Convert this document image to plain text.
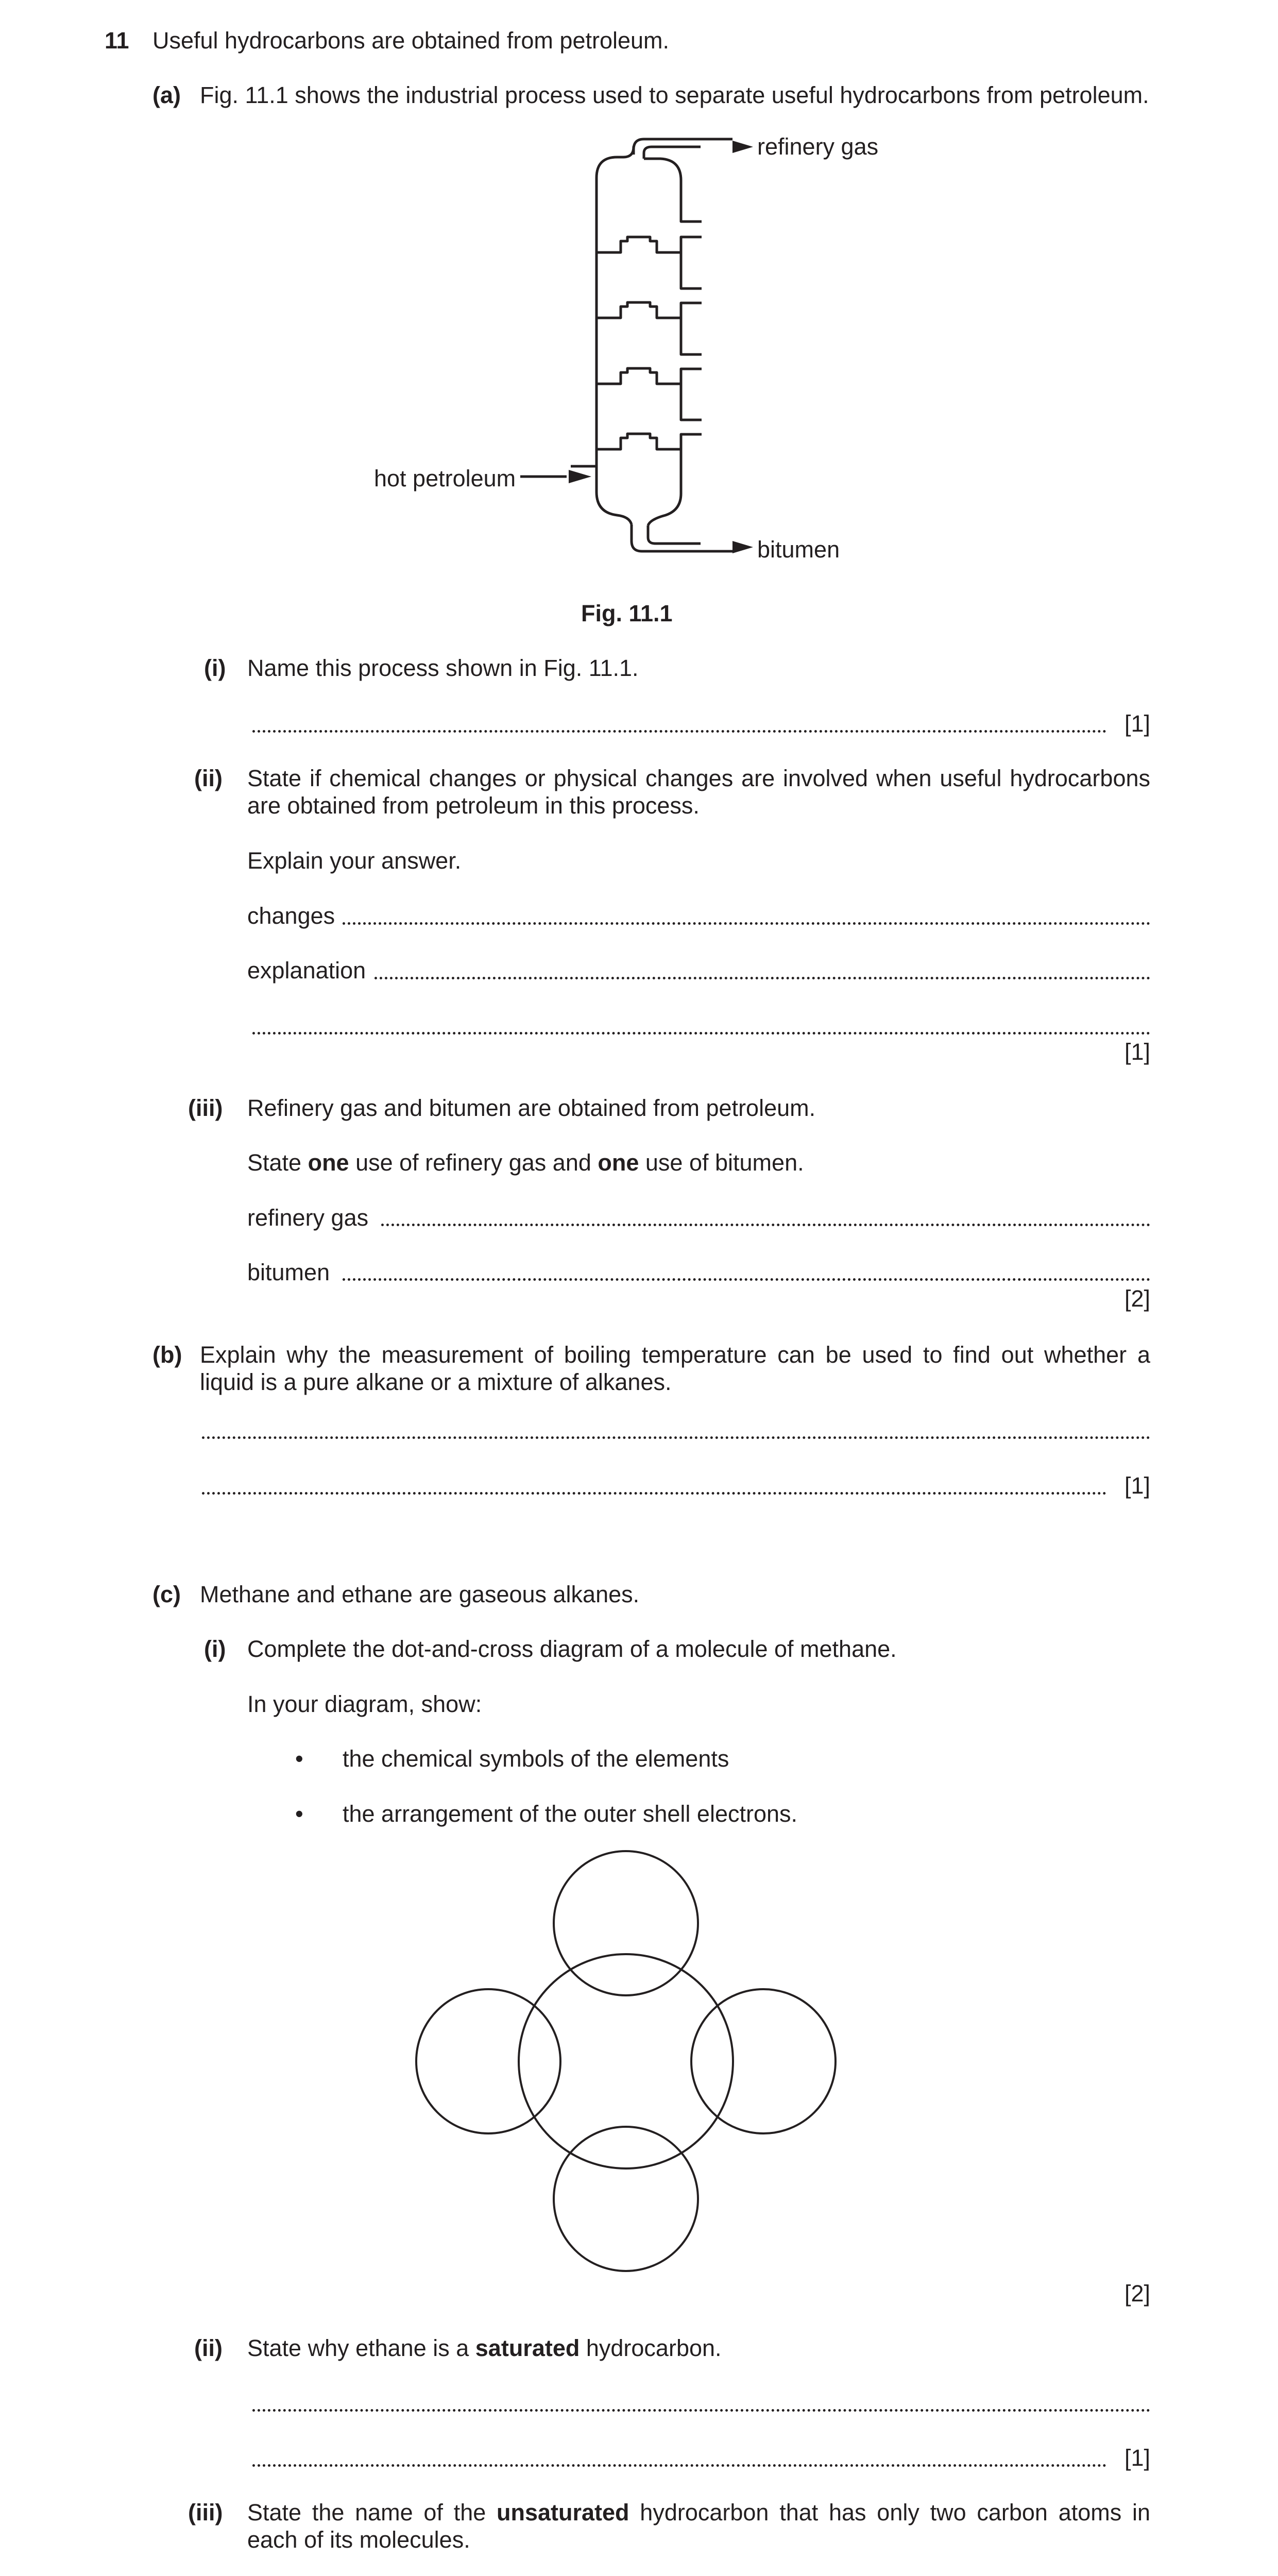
11 Useful hydrocarbons are obtained from petroleum.
(a) Fig. 11.1 shows the industrial process used to separate useful hydrocarbons from petroleum.
refinery gas
hot petroleum
bitumen
Fig. 11.1
(i) Name this process shown in Fig. 11.1.
[1]
(ii) State if chemical changes or physical changes are involved when useful hydrocarbons are obtained from petroleum in this process.
Explain your answer.
changes
explanation
[1]
(iii) Refinery gas and bitumen are obtained from petroleum.
State one use of refinery gas and one use of bitumen.
refinery gas
bitumen
[2]
(b) Explain why the measurement of boiling temperature can be used to find out whether a liquid is a pure alkane or a mixture of alkanes.
[1]
(c) Methane and ethane are gaseous alkanes.
(i) Complete the dot-and-cross diagram of a molecule of methane.
In your diagram, show:
• the chemical symbols of the elements
• the arrangement of the outer shell electrons.
[2]
(ii) State why ethane is a saturated hydrocarbon.
[1]
(iii) State the name of the unsaturated hydrocarbon that has only two carbon atoms in each of its molecules.
